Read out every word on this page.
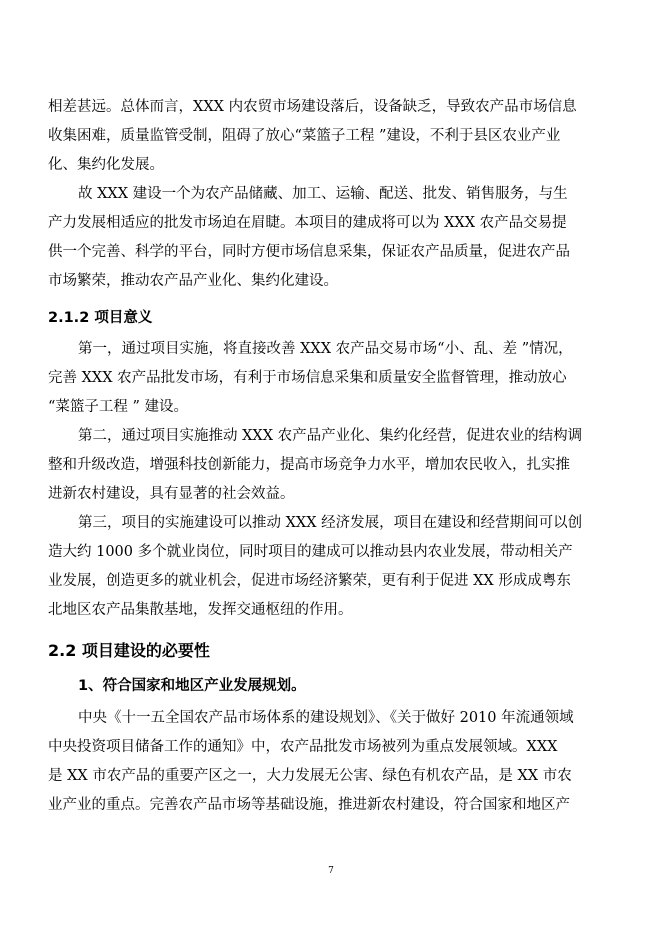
相差甚远。总体而言，XXX 内农贸市场建设落后，设备缺乏，导致农产品市场信息
收集困难，质量监管受制，阻碍了放心“菜篮子工程 ”建设，不利于县区农业产业
化、集约化发展。
故 XXX 建设一个为农产品储藏、加工、运输、配送、批发、销售服务，与生
产力发展相适应的批发市场迫在眉睫。本项目的建成将可以为 XXX 农产品交易提
供一个完善、科学的平台，同时方便市场信息采集，保证农产品质量，促进农产品
市场繁荣，推动农产品产业化、集约化建设。
2.1.2 项目意义
第一，通过项目实施，将直接改善 XXX 农产品交易市场“小、乱、差 ”情况，
完善 XXX 农产品批发市场，有利于市场信息采集和质量安全监督管理，推动放心
“菜篮子工程 ” 建设。
第二，通过项目实施推动 XXX 农产品产业化、集约化经营，促进农业的结构调
整和升级改造，增强科技创新能力，提高市场竞争力水平，增加农民收入，扎实推
进新农村建设，具有显著的社会效益。
第三，项目的实施建设可以推动 XXX 经济发展，项目在建设和经营期间可以创
造大约 1000 多个就业岗位，同时项目的建成可以推动县内农业发展，带动相关产
业发展，创造更多的就业机会，促进市场经济繁荣，更有利于促进 XX 形成成粤东
北地区农产品集散基地，发挥交通枢纽的作用。
2.2 项目建设的必要性
1、符合国家和地区产业发展规划。
中央《十一五全国农产品市场体系的建设规划》、《关于做好 2010 年流通领域
中央投资项目储备工作的通知》中，农产品批发市场被列为重点发展领域。XXX
是 XX 市农产品的重要产区之一，大力发展无公害、绿色有机农产品，是 XX 市农
业产业的重点。完善农产品市场等基础设施，推进新农村建设，符合国家和地区产
7
